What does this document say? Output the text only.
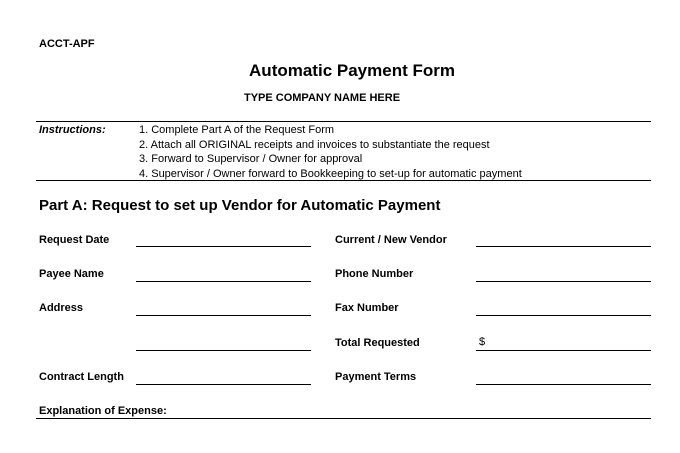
ACCT-APF
Automatic Payment Form
TYPE COMPANY NAME HERE
Instructions:	1. Complete Part A of the Request Form
2. Attach all ORIGINAL receipts and invoices to substantiate the request
3. Forward to Supervisor / Owner for approval
4. Supervisor / Owner forward to Bookkeeping to set-up for automatic payment
Part A: Request to set up Vendor for Automatic Payment
Request Date
Payee Name
Address
Contract Length
Current / New Vendor
Phone Number
Fax Number
Total Requested	$
Payment Terms
Explanation of Expense:
